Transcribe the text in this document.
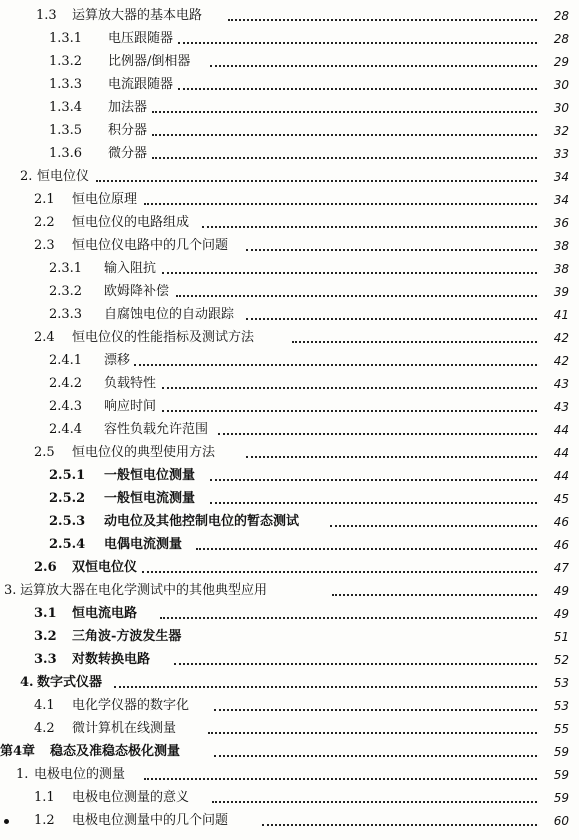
1.3 运算放大器的基本电路	28
1.3.1 电压跟随器	28
1.3.2 比例器/倒相器	29
1.3.3 电流跟随器	30
1.3.4 加法器	30
1.3.5 积分器	32
1.3.6 微分器	33
2. 恒电位仪	34
2.1 恒电位原理	34
2.2 恒电位仪的电路组成	36
2.3 恒电位仪电路中的几个问题	38
2.3.1 输入阻抗	38
2.3.2 欧姆降补偿	39
2.3.3 自腐蚀电位的自动跟踪	41
2.4 恒电位仪的性能指标及测试方法	42
2.4.1 漂移	42
2.4.2 负载特性	43
2.4.3 响应时间	43
2.4.4 容性负载允许范围	44
2.5 恒电位仪的典型使用方法	44
2.5.1 一般恒电位测量	44
2.5.2 一般恒电流测量	45
2.5.3 动电位及其他控制电位的暂态测试	46
2.5.4 电偶电流测量	46
2.6 双恒电位仪	47
3. 运算放大器在电化学测试中的其他典型应用	49
3.1 恒电流电路	49
3.2 三角波-方波发生器	51
3.3 对数转换电路	52
4. 数字式仪器	53
4.1 电化学仪器的数字化	53
4.2 微计算机在线测量	55
第4章 稳态及准稳态极化测量	59
1. 电极电位的测量	59
1.1 电极电位测量的意义	59
1.2 电极电位测量中的几个问题	60
